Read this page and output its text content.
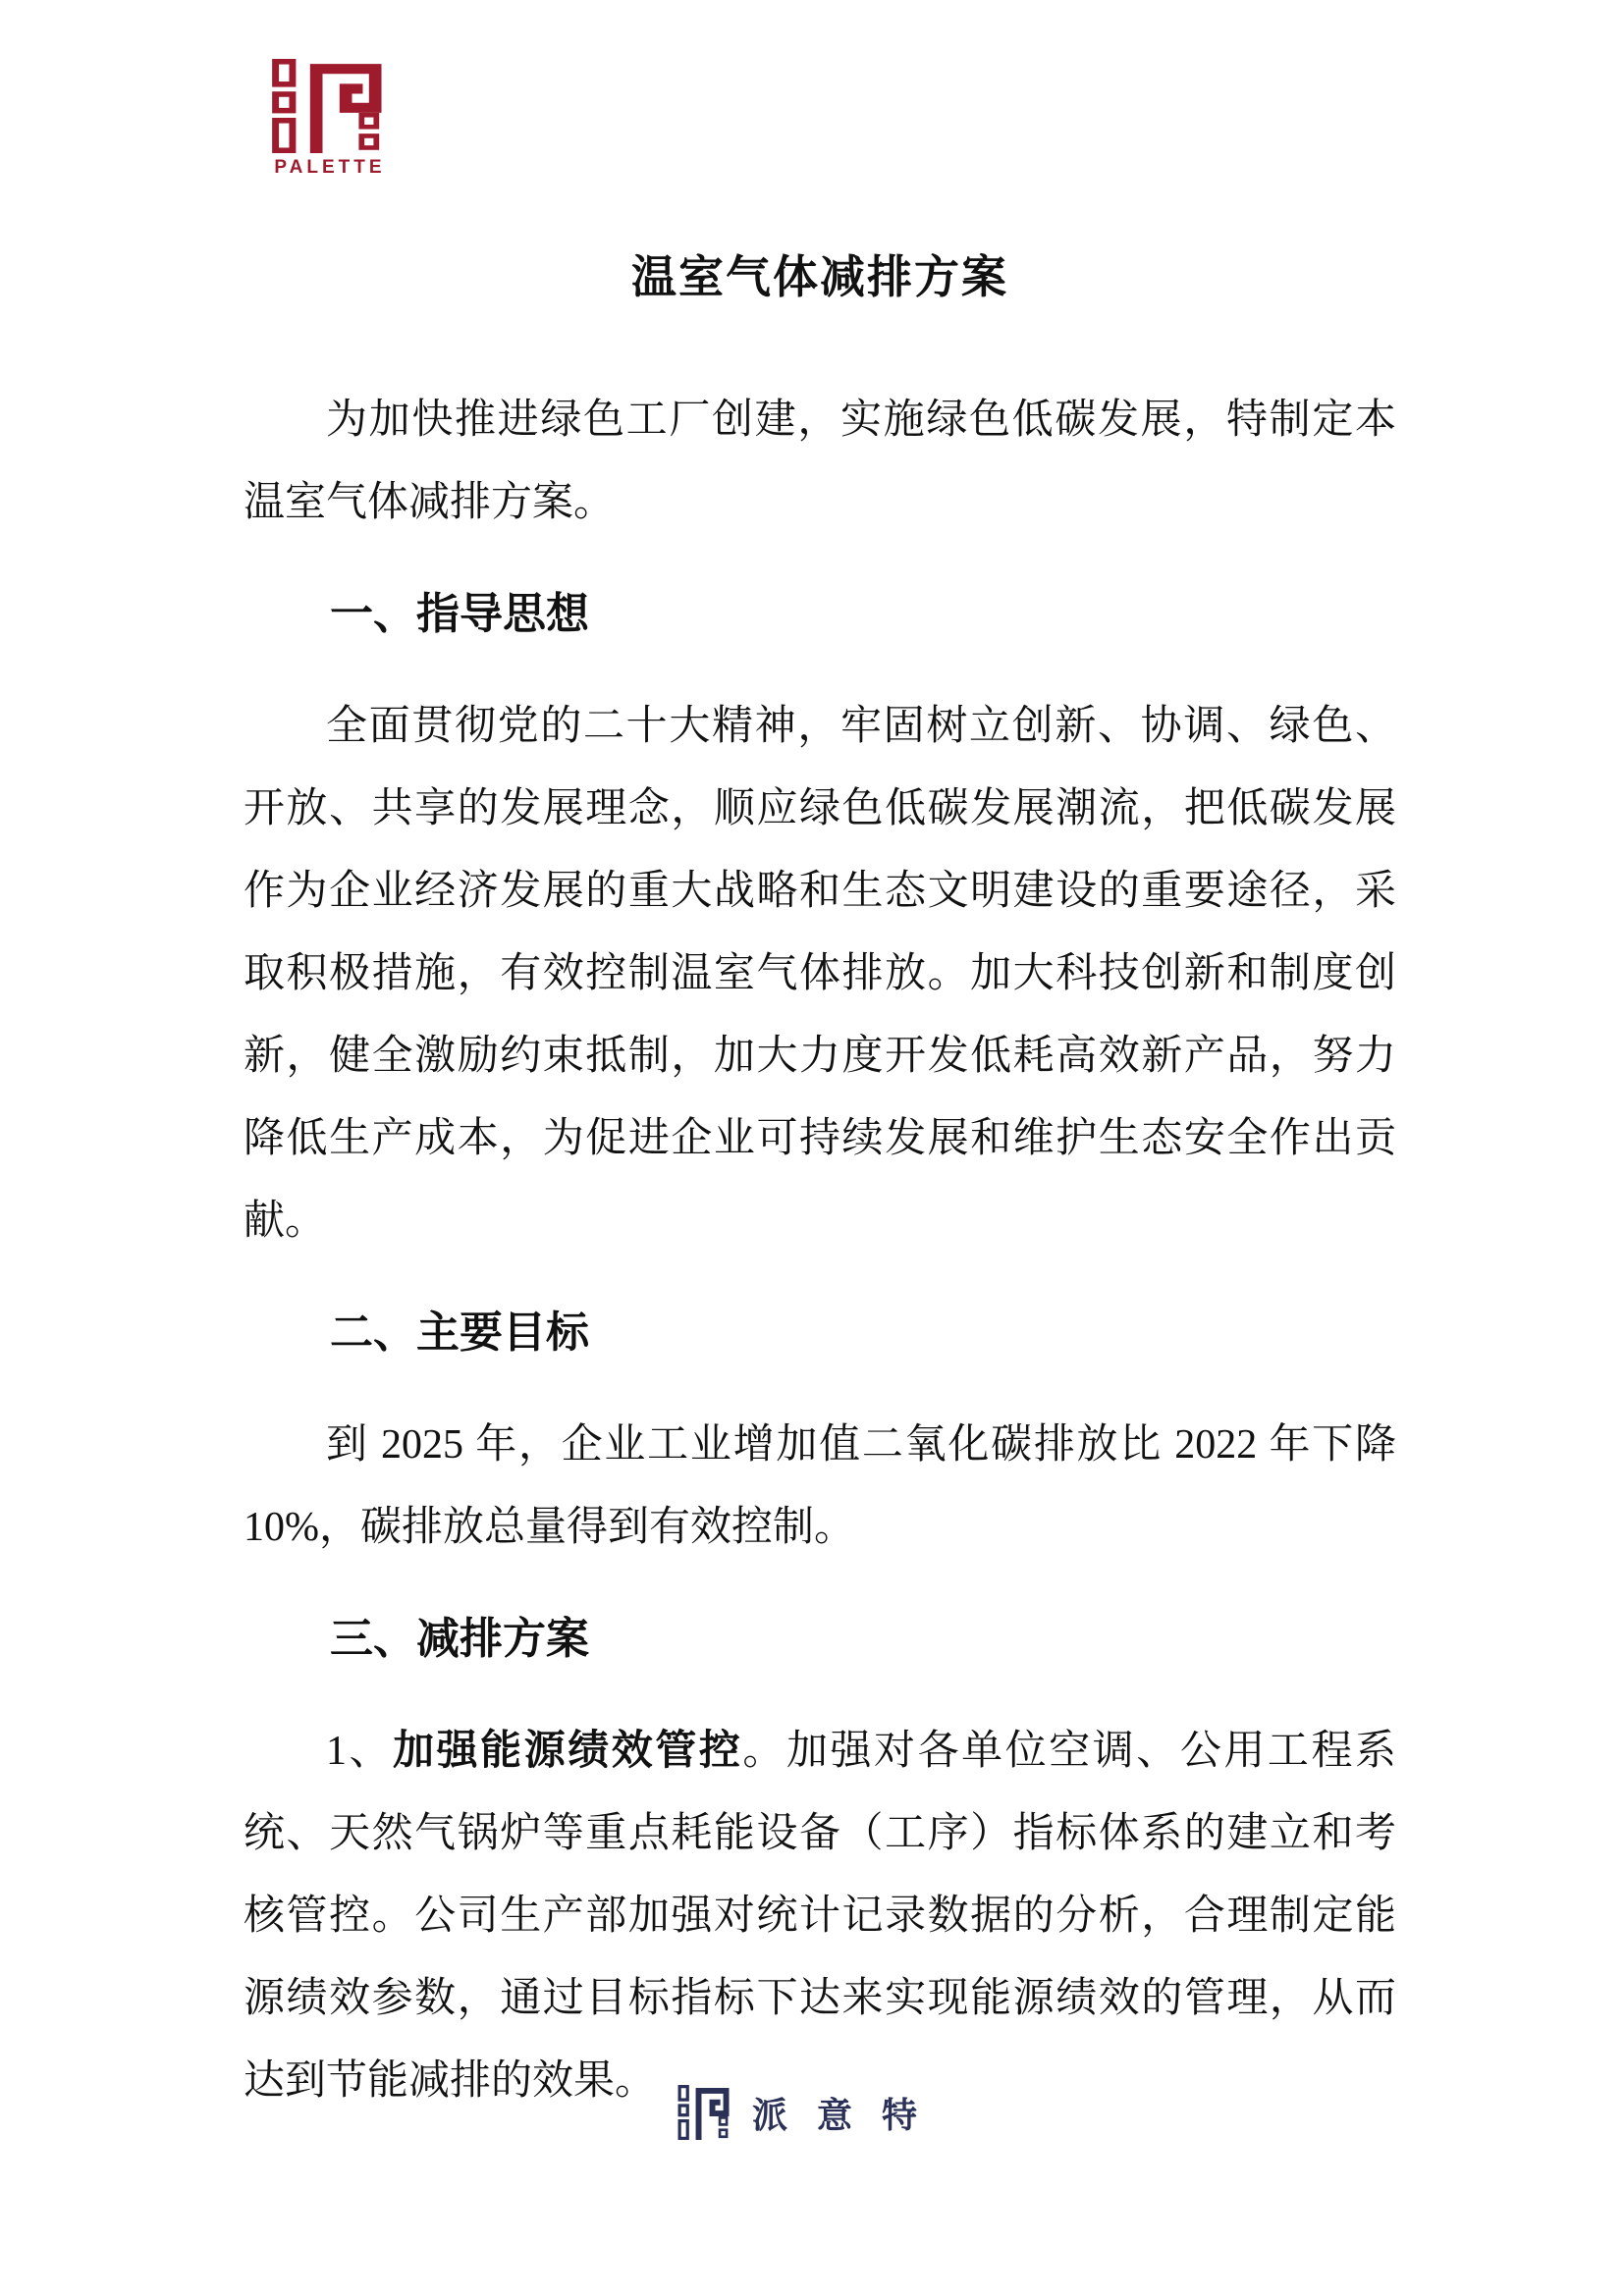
PALETTE
温室气体减排方案

为加快推进绿色工厂创建，实施绿色低碳发展，特制定本温室气体减排方案。

一、指导思想

全面贯彻党的二十大精神，牢固树立创新、协调、绿色、开放、共享的发展理念，顺应绿色低碳发展潮流，把低碳发展作为企业经济发展的重大战略和生态文明建设的重要途径，采取积极措施，有效控制温室气体排放。加大科技创新和制度创新，健全激励约束抵制，加大力度开发低耗高效新产品，努力降低生产成本，为促进企业可持续发展和维护生态安全作出贡献。

二、主要目标

到 2025 年，企业工业增加值二氧化碳排放比 2022 年下降 10%，碳排放总量得到有效控制。

三、减排方案

1、加强能源绩效管控。加强对各单位空调、公用工程系统、天然气锅炉等重点耗能设备（工序）指标体系的建立和考核管控。公司生产部加强对统计记录数据的分析，合理制定能源绩效参数，通过目标指标下达来实现能源绩效的管理，从而达到节能减排的效果。

派意特
